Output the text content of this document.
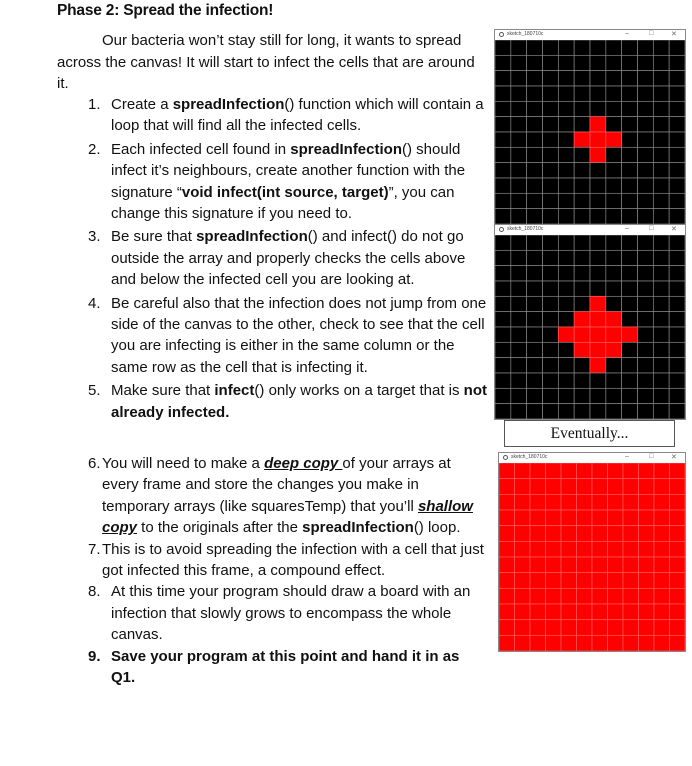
Phase 2: Spread the infection!
Our bacteria won’t stay still for long, it wants to spread across the canvas! It will start to infect the cells that are around it.
1. Create a spreadInfection() function which will contain a loop that will find all the infected cells.
2. Each infected cell found in spreadInfection() should infect it’s neighbours, create another function with the signature “void infect(int source, target)”, you can change this signature if you need to.
3. Be sure that spreadInfection() and infect() do not go outside the array and properly checks the cells above and below the infected cell you are looking at.
4. Be careful also that the infection does not jump from one side of the canvas to the other, check to see that the cell you are infecting is either in the same column or the same row as the cell that is infecting it.
5. Make sure that infect() only works on a target that is not already infected.
6. You will need to make a deep copy of your arrays at every frame and store the changes you make in temporary arrays (like squaresTemp) that you’ll shallow copy to the originals after the spreadInfection() loop.
7. This is to avoid spreading the infection with a cell that just got infected this frame, a compound effect.
8. At this time your program should draw a board with an infection that slowly grows to encompass the whole canvas.
9. Save your program at this point and hand it in as Q1.
sketch_180710c	–	□	✕
sketch_180710c	–	□	✕
Eventually...
sketch_180710c	–	□	✕
